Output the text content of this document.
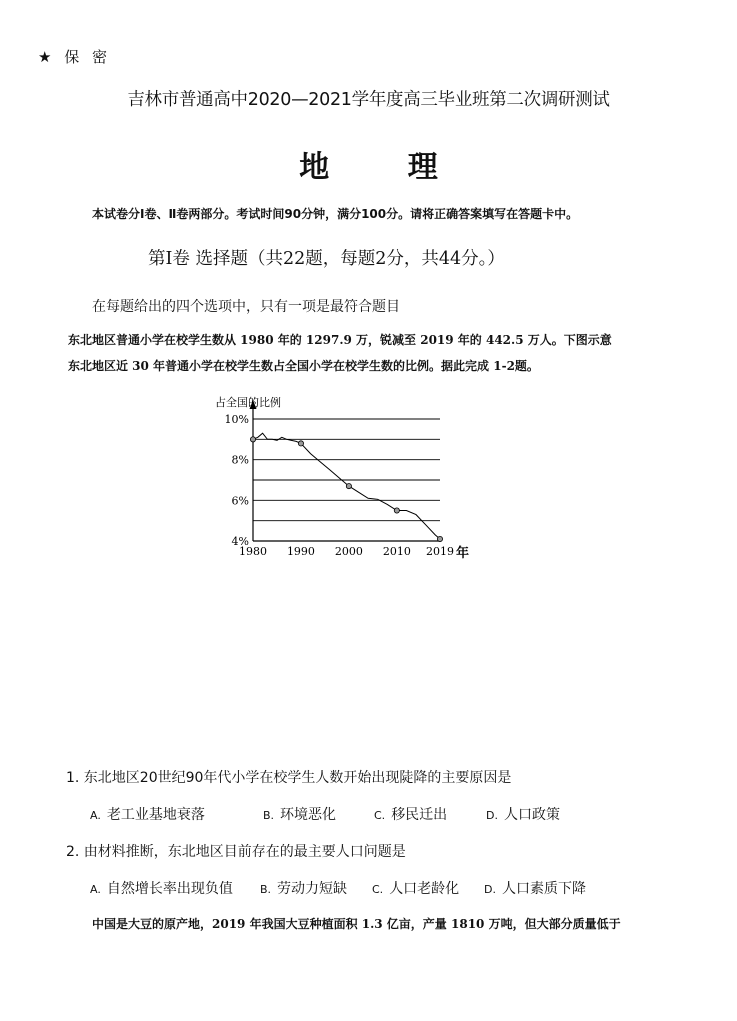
★ 保 密
吉林市普通高中2020—2021学年度高三毕业班第二次调研测试
地 理
本试卷分Ⅰ卷、Ⅱ卷两部分。考试时间90分钟，满分100分。请将正确答案填写在答题卡中。
第Ⅰ卷 选择题（共22题，每题2分，共44分。）
在每题给出的四个选项中，只有一项是最符合题目
东北地区普通小学在校学生数从 1980 年的 1297.9 万，锐减至 2019 年的 442.5 万人。下图示意
东北地区近 30 年普通小学在校学生数占全国小学在校学生数的比例。据此完成 1-2题。
占全国的比例
年
10%
8%
6%
4%
1980 1990 2000 2010 2019
1. 东北地区20世纪90年代小学在校学生人数开始出现陡降的主要原因是
A. 老工业基地衰落	B. 环境恶化	C. 移民迁出	D. 人口政策
2. 由材料推断，东北地区目前存在的最主要人口问题是
A. 自然增长率出现负值 B. 劳动力短缺 C. 人口老龄化 D. 人口素质下降
中国是大豆的原产地，2019 年我国大豆种植面积 1.3 亿亩，产量 1810 万吨，但大部分质量低于
